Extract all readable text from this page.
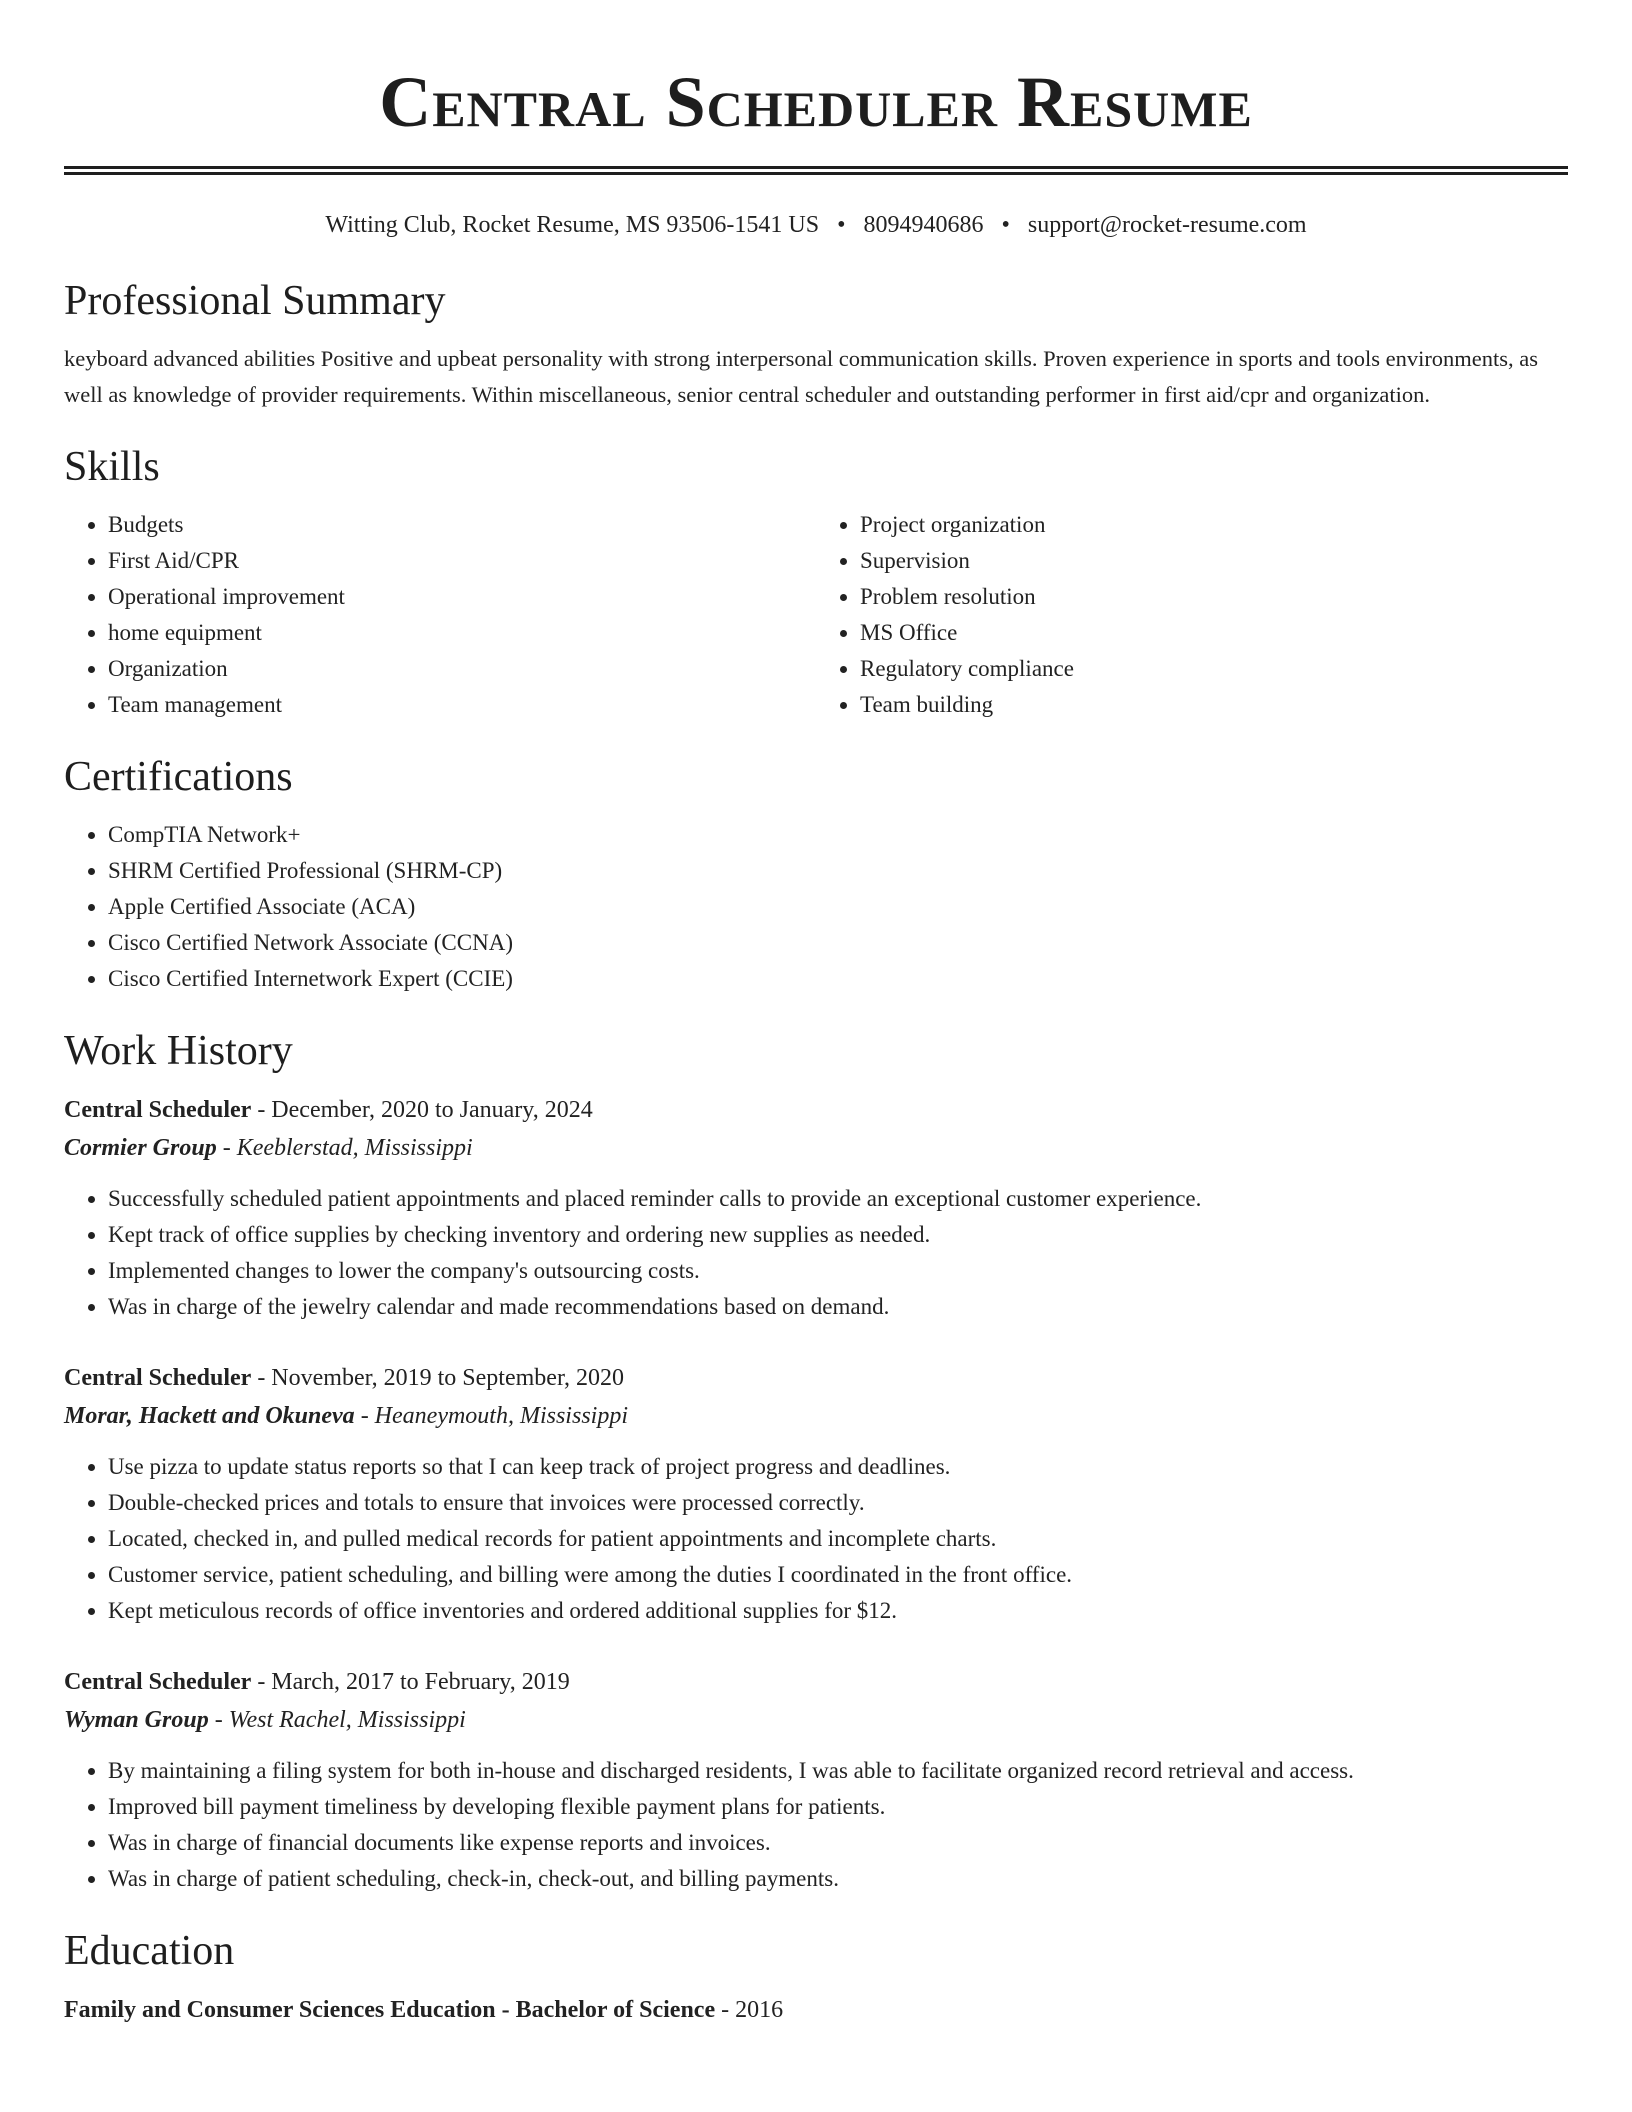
Central Scheduler Resume
Witting Club, Rocket Resume, MS 93506-1541 US • 8094940686 • support@rocket-resume.com
Professional Summary

keyboard advanced abilities Positive and upbeat personality with strong interpersonal communication skills. Proven experience in sports and tools environments, as well as knowledge of provider requirements. Within miscellaneous, senior central scheduler and outstanding performer in first aid/cpr and organization.

Skills
• Budgets
• First Aid/CPR
• Operational improvement
• home equipment
• Organization
• Team management
• Project organization
• Supervision
• Problem resolution
• MS Office
• Regulatory compliance
• Team building
Certifications
• CompTIA Network+
• SHRM Certified Professional (SHRM-CP)
• Apple Certified Associate (ACA)
• Cisco Certified Network Associate (CCNA)
• Cisco Certified Internetwork Expert (CCIE)
Work History
Central Scheduler - December, 2020 to January, 2024
Cormier Group - Keeblerstad, Mississippi
• Successfully scheduled patient appointments and placed reminder calls to provide an exceptional customer experience.
• Kept track of office supplies by checking inventory and ordering new supplies as needed.
• Implemented changes to lower the company's outsourcing costs.
• Was in charge of the jewelry calendar and made recommendations based on demand.
Central Scheduler - November, 2019 to September, 2020
Morar, Hackett and Okuneva - Heaneymouth, Mississippi
• Use pizza to update status reports so that I can keep track of project progress and deadlines.
• Double-checked prices and totals to ensure that invoices were processed correctly.
• Located, checked in, and pulled medical records for patient appointments and incomplete charts.
• Customer service, patient scheduling, and billing were among the duties I coordinated in the front office.
• Kept meticulous records of office inventories and ordered additional supplies for $12.
Central Scheduler - March, 2017 to February, 2019
Wyman Group - West Rachel, Mississippi
• By maintaining a filing system for both in-house and discharged residents, I was able to facilitate organized record retrieval and access.
• Improved bill payment timeliness by developing flexible payment plans for patients.
• Was in charge of financial documents like expense reports and invoices.
• Was in charge of patient scheduling, check-in, check-out, and billing payments.
Education
Family and Consumer Sciences Education - Bachelor of Science - 2016
